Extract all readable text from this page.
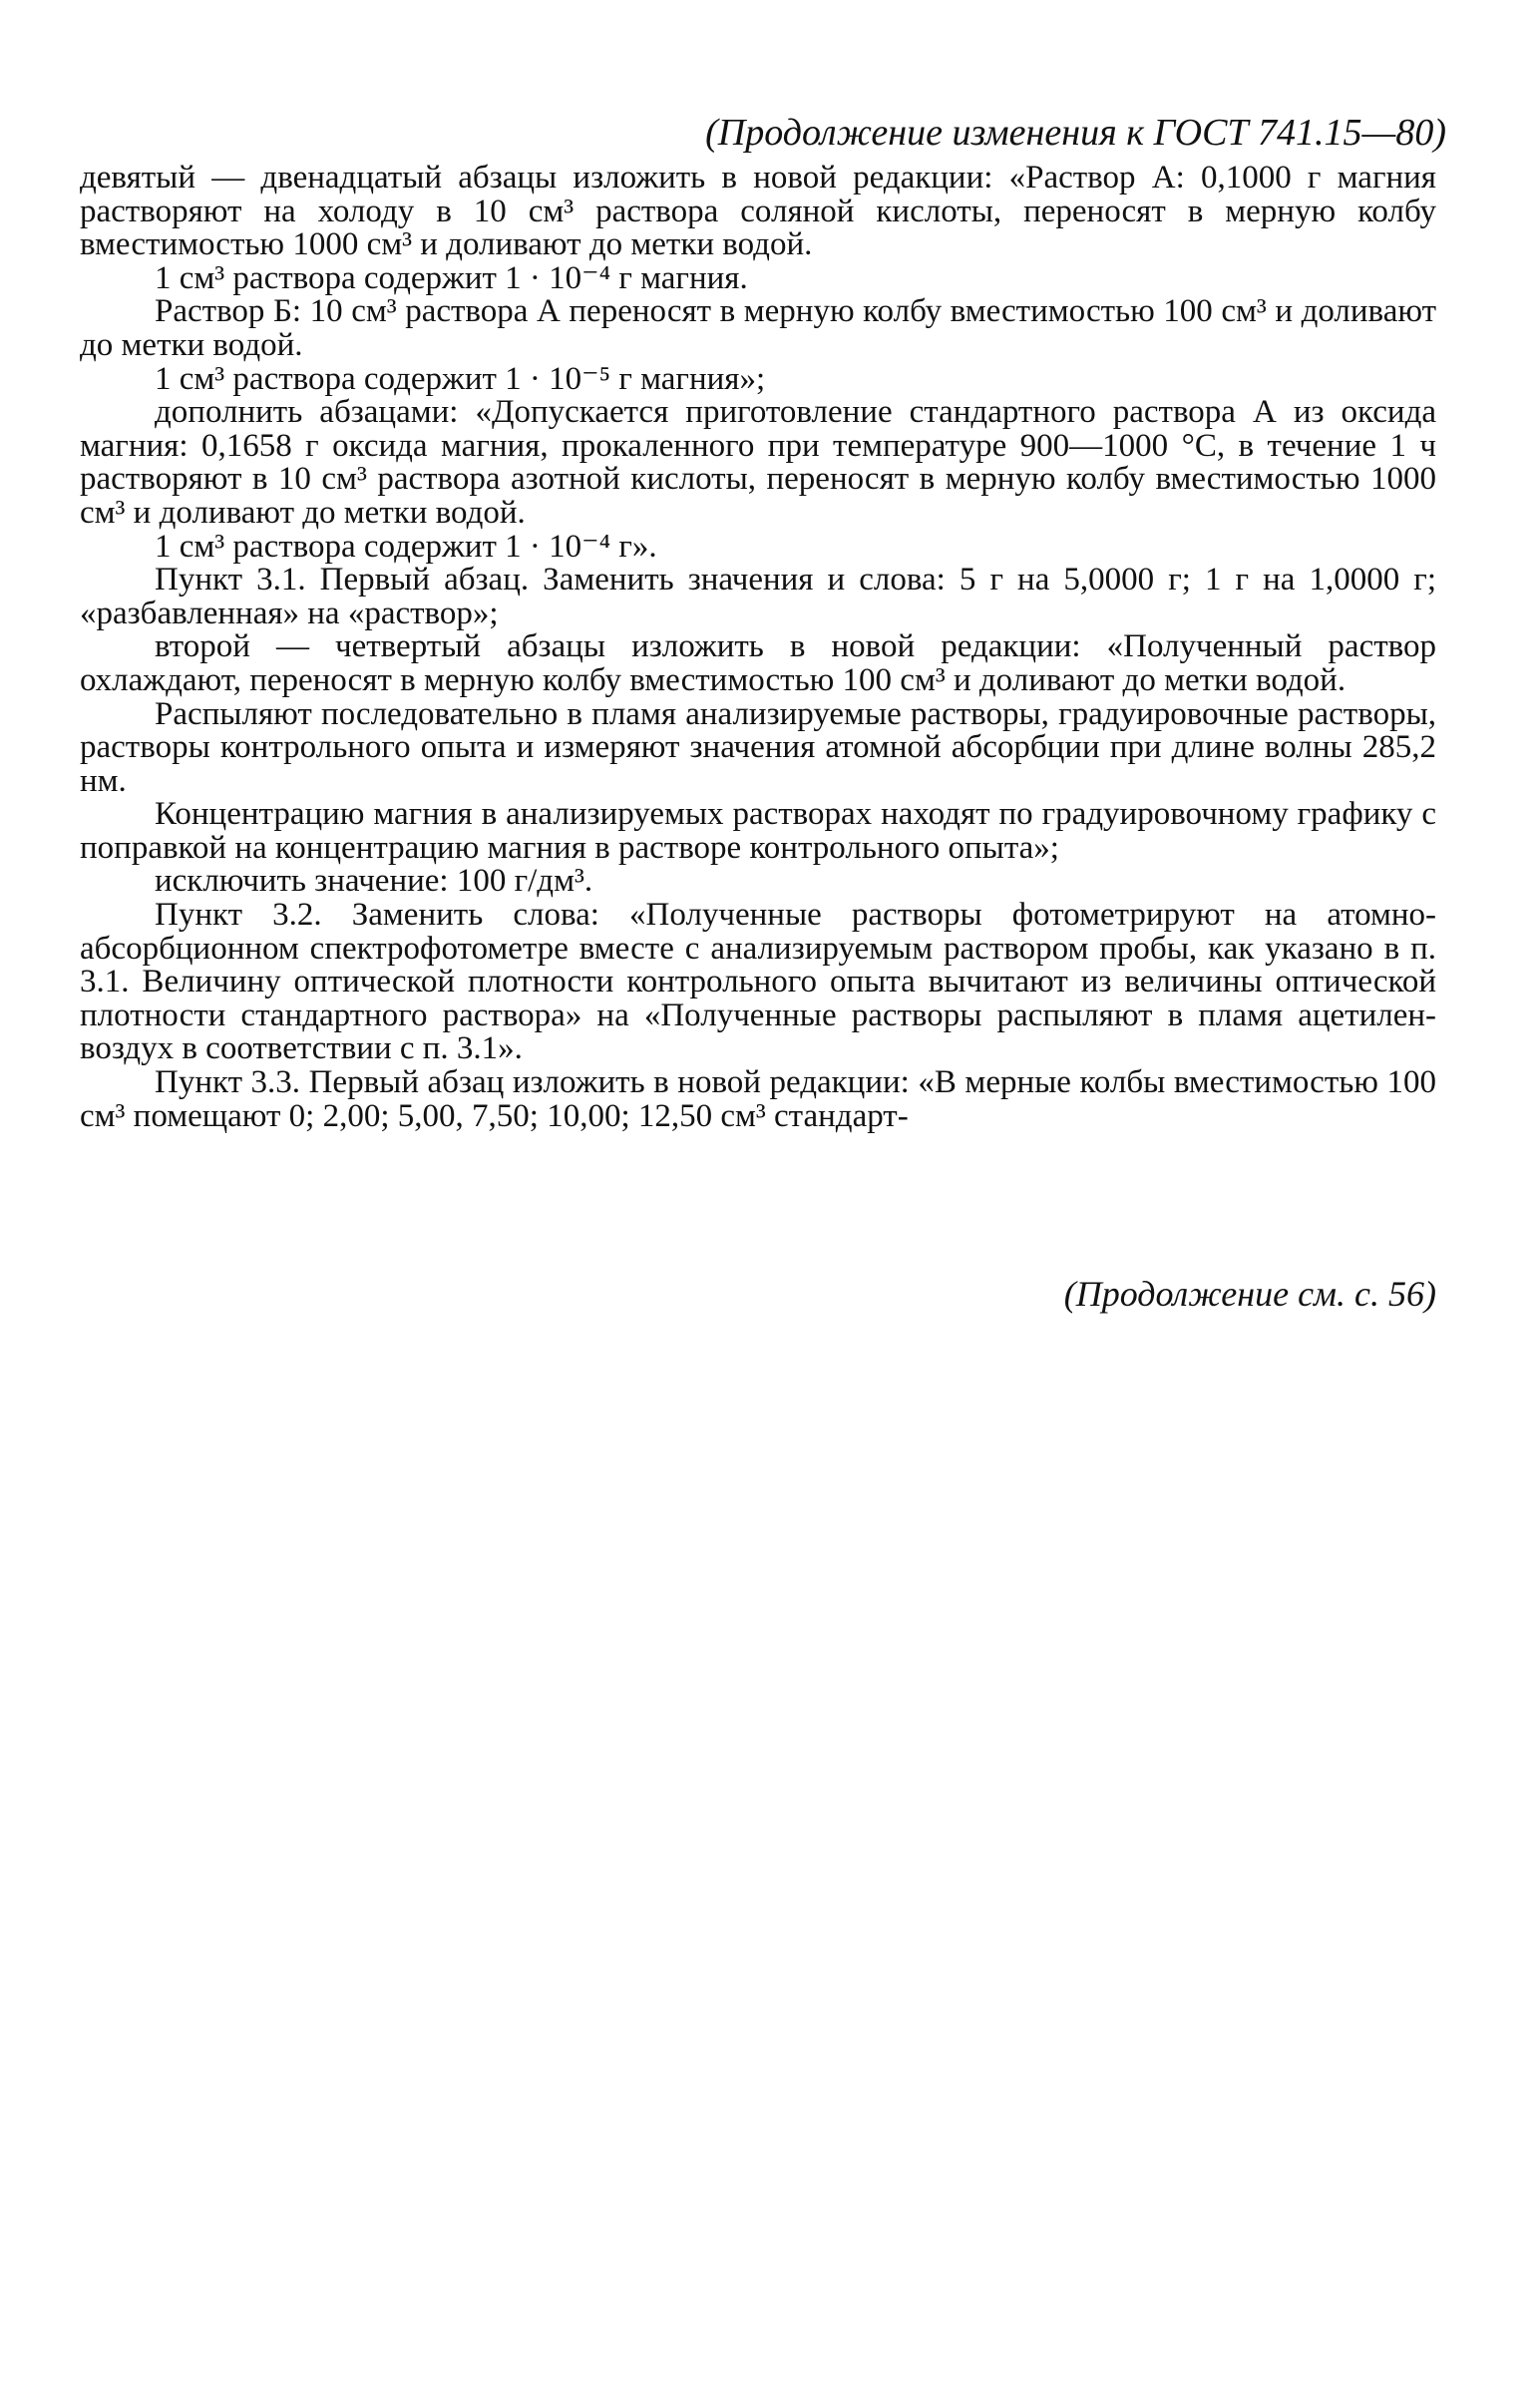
(Продолжение изменения к ГОСТ 741.15—80)

девятый — двенадцатый абзацы изложить в новой редакции: «Раствор А: 0,1000 г магния растворяют на холоду в 10 см³ раствора соляной кислоты, переносят в мерную колбу вместимостью 1000 см³ и доливают до метки водой.

1 см³ раствора содержит 1 · 10⁻⁴ г магния.

Раствор Б: 10 см³ раствора А переносят в мерную колбу вместимостью 100 см³ и доливают до метки водой.

1 см³ раствора содержит 1 · 10⁻⁵ г магния»;

дополнить абзацами: «Допускается приготовление стандартного раствора А из оксида магния: 0,1658 г оксида магния, прокаленного при температуре 900—1000 °С, в течение 1 ч растворяют в 10 см³ раствора азотной кислоты, переносят в мерную колбу вместимостью 1000 см³ и доливают до метки водой.

1 см³ раствора содержит 1 · 10⁻⁴ г».

Пункт 3.1. Первый абзац. Заменить значения и слова: 5 г на 5,0000 г; 1 г на 1,0000 г; «разбавленная» на «раствор»;

второй — четвертый абзацы изложить в новой редакции: «Полученный раствор охлаждают, переносят в мерную колбу вместимостью 100 см³ и доливают до метки водой.

Распыляют последовательно в пламя анализируемые растворы, градуировочные растворы, растворы контрольного опыта и измеряют значения атомной абсорбции при длине волны 285,2 нм.

Концентрацию магния в анализируемых растворах находят по градуировочному графику с поправкой на концентрацию магния в растворе контрольного опыта»;

исключить значение: 100 г/дм³.

Пункт 3.2. Заменить слова: «Полученные растворы фотометрируют на атомно-абсорбционном спектрофотометре вместе с анализируемым раствором пробы, как указано в п. 3.1. Величину оптической плотности контрольного опыта вычитают из величины оптической плотности стандартного раствора» на «Полученные растворы распыляют в пламя ацетилен-воздух в соответствии с п. 3.1».

Пункт 3.3. Первый абзац изложить в новой редакции: «В мерные колбы вместимостью 100 см³ помещают 0; 2,00; 5,00, 7,50; 10,00; 12,50 см³ стандарт-

(Продолжение см. с. 56)
